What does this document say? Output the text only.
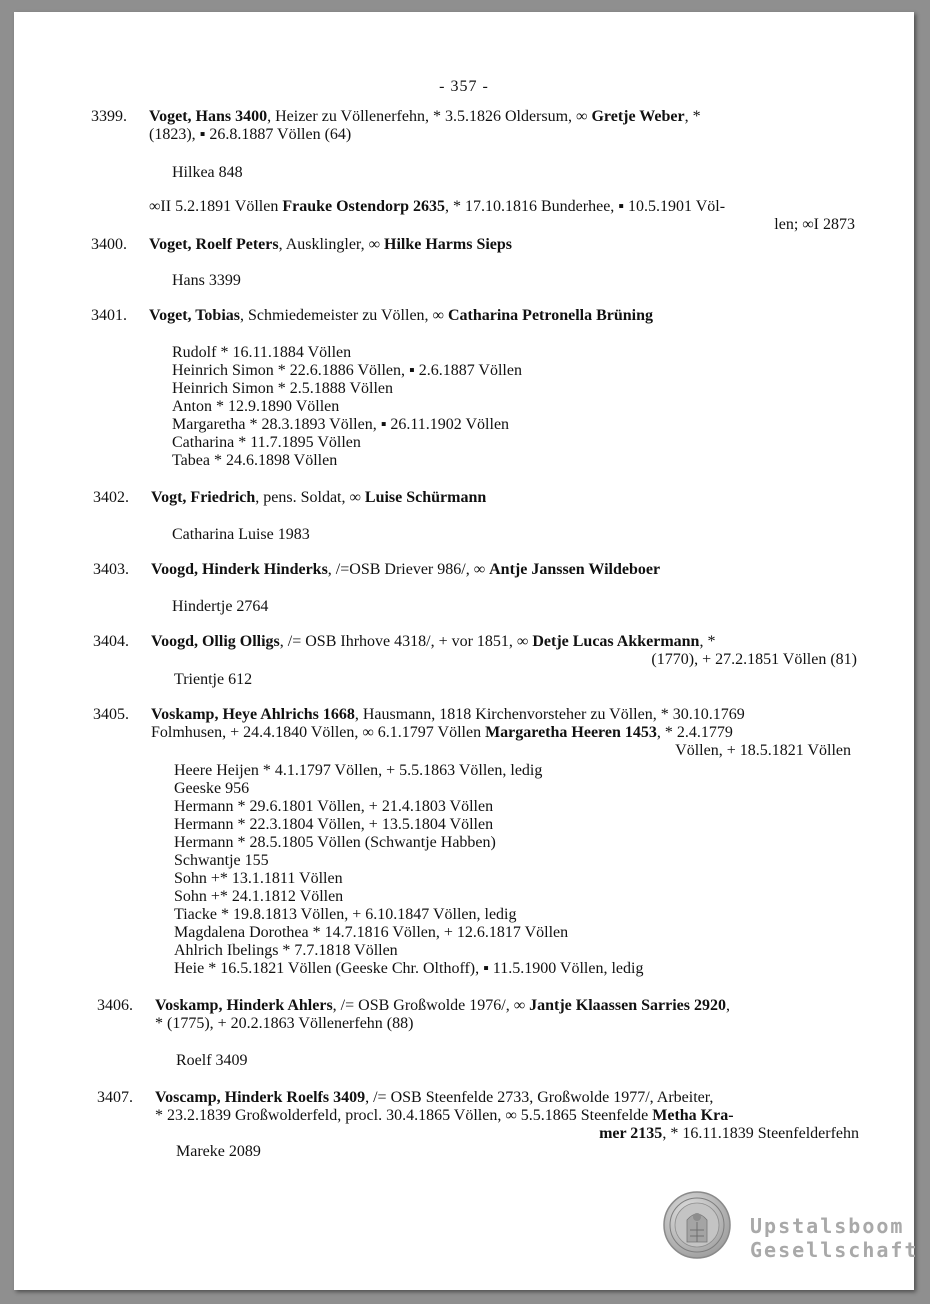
- 357 -
3399. Voget, Hans 3400, Heizer zu Völlenerfehn, * 3.5.1826 Oldersum, ∞ Gretje Weber, *
(1823), ▪ 26.8.1887 Völlen (64)
Hilkea 848
∞II 5.2.1891 Völlen Frauke Ostendorp 2635, * 17.10.1816 Bunderhee, ▪ 10.5.1901 Völ-
len; ∞I 2873
3400. Voget, Roelf Peters, Ausklingler, ∞ Hilke Harms Sieps
Hans 3399
3401. Voget, Tobias, Schmiedemeister zu Völlen, ∞ Catharina Petronella Brüning
Rudolf * 16.11.1884 Völlen
Heinrich Simon * 22.6.1886 Völlen, ▪ 2.6.1887 Völlen
Heinrich Simon * 2.5.1888 Völlen
Anton * 12.9.1890 Völlen
Margaretha * 28.3.1893 Völlen, ▪ 26.11.1902 Völlen
Catharina * 11.7.1895 Völlen
Tabea * 24.6.1898 Völlen
3402. Vogt, Friedrich, pens. Soldat, ∞ Luise Schürmann
Catharina Luise 1983
3403. Voogd, Hinderk Hinderks, /=OSB Driever 986/, ∞ Antje Janssen Wildeboer
Hindertje 2764
3404. Voogd, Ollig Olligs, /= OSB Ihrhove 4318/, + vor 1851, ∞ Detje Lucas Akkermann, *
(1770), + 27.2.1851 Völlen (81)
Trientje 612
3405. Voskamp, Heye Ahlrichs 1668, Hausmann, 1818 Kirchenvorsteher zu Völlen, * 30.10.1769
Folmhusen, + 24.4.1840 Völlen, ∞ 6.1.1797 Völlen Margaretha Heeren 1453, * 2.4.1779
Völlen, + 18.5.1821 Völlen
Heere Heijen * 4.1.1797 Völlen, + 5.5.1863 Völlen, ledig
Geeske 956
Hermann * 29.6.1801 Völlen, + 21.4.1803 Völlen
Hermann * 22.3.1804 Völlen, + 13.5.1804 Völlen
Hermann * 28.5.1805 Völlen (Schwantje Habben)
Schwantje 155
Sohn +* 13.1.1811 Völlen
Sohn +* 24.1.1812 Völlen
Tiacke * 19.8.1813 Völlen, + 6.10.1847 Völlen, ledig
Magdalena Dorothea * 14.7.1816 Völlen, + 12.6.1817 Völlen
Ahlrich Ibelings * 7.7.1818 Völlen
Heie * 16.5.1821 Völlen (Geeske Chr. Olthoff), ▪ 11.5.1900 Völlen, ledig
3406. Voskamp, Hinderk Ahlers, /= OSB Großwolde 1976/, ∞ Jantje Klaassen Sarries 2920,
* (1775), + 20.2.1863 Völlenerfehn (88)
Roelf 3409
3407. Voscamp, Hinderk Roelfs 3409, /= OSB Steenfelde 2733, Großwolde 1977/, Arbeiter,
* 23.2.1839 Großwolderfeld, procl. 30.4.1865 Völlen, ∞ 5.5.1865 Steenfelde Metha Kra-
mer 2135, * 16.11.1839 Steenfelderfehn
Mareke 2089
Upstalsboom
Gesellschaft
